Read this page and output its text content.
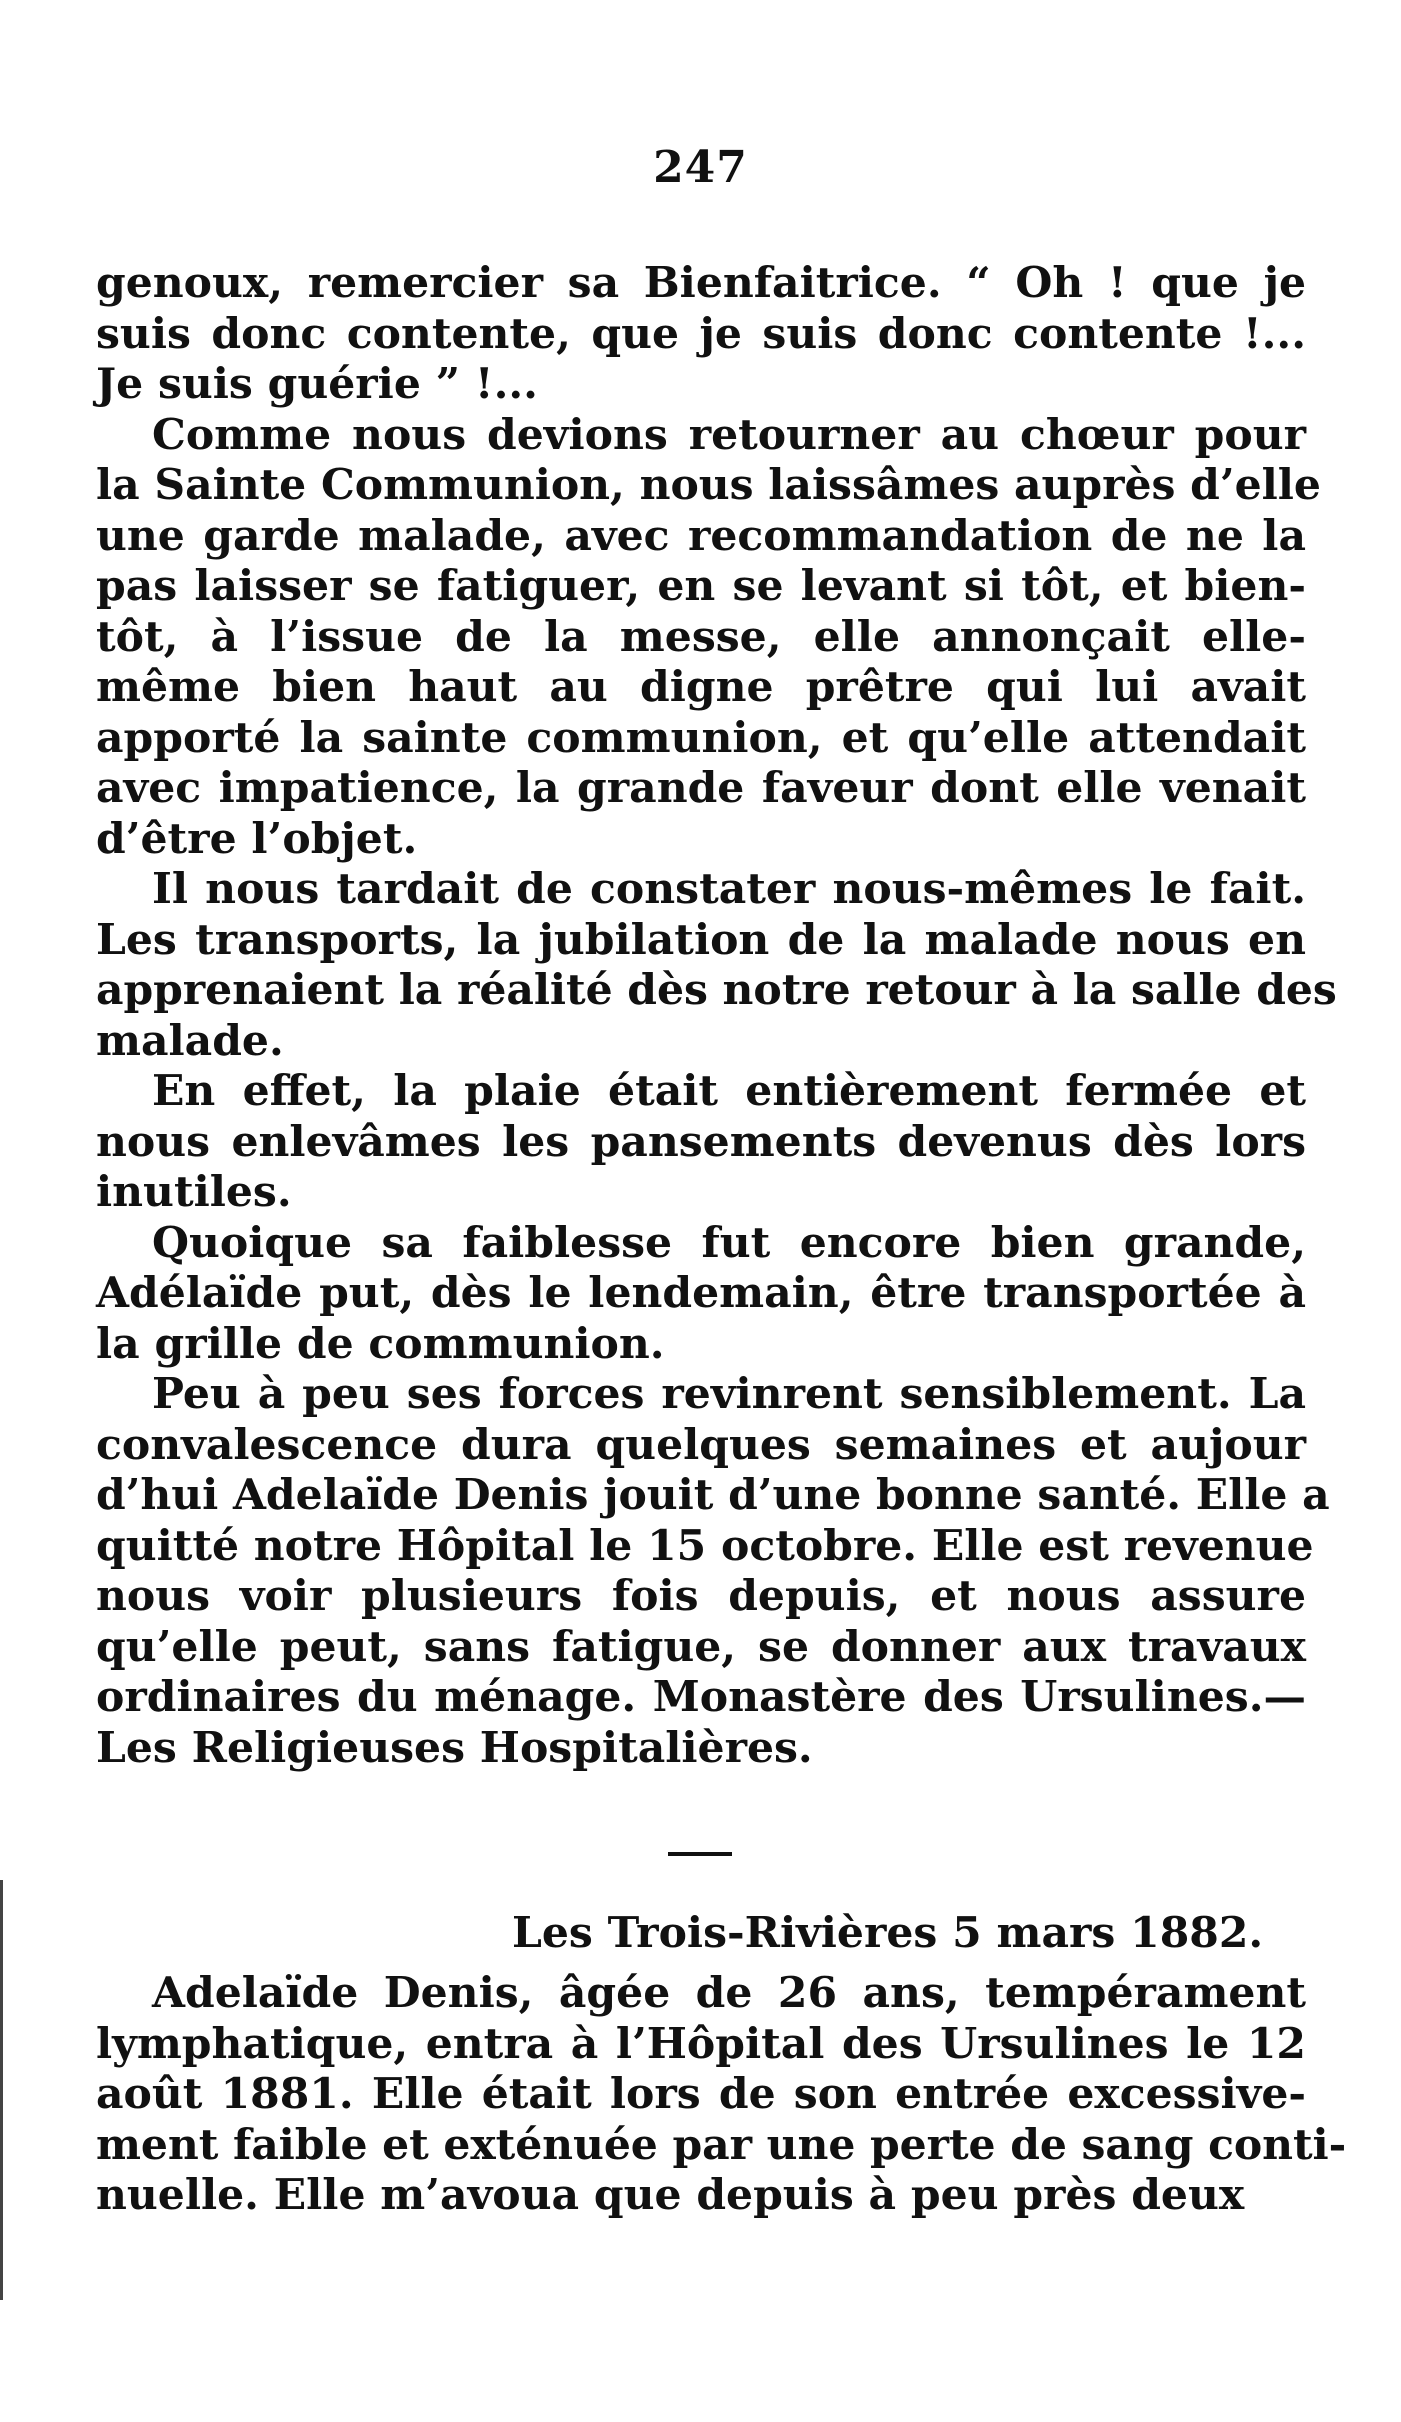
247
genoux, remercier sa Bienfaitrice. “ Oh ! que je
suis donc contente, que je suis donc contente !...
Je suis guérie ” !...
Comme nous devions retourner au chœur pour
la Sainte Communion, nous laissâmes auprès d’elle
une garde malade, avec recommandation de ne la
pas laisser se fatiguer, en se levant si tôt, et bien-
tôt, à l’issue de la messe, elle annonçait elle-
même bien haut au digne prêtre qui lui avait
apporté la sainte communion, et qu’elle attendait
avec impatience, la grande faveur dont elle venait
d’être l’objet.
Il nous tardait de constater nous-mêmes le fait.
Les transports, la jubilation de la malade nous en
apprenaient la réalité dès notre retour à la salle des
malade.
En effet, la plaie était entièrement fermée et
nous enlevâmes les pansements devenus dès lors
inutiles.
Quoique sa faiblesse fut encore bien grande,
Adélaïde put, dès le lendemain, être transportée à
la grille de communion.
Peu à peu ses forces revinrent sensiblement. La
convalescence dura quelques semaines et aujour
d’hui Adelaïde Denis jouit d’une bonne santé. Elle a
quitté notre Hôpital le 15 octobre. Elle est revenue
nous voir plusieurs fois depuis, et nous assure
qu’elle peut, sans fatigue, se donner aux travaux
ordinaires du ménage. Monastère des Ursulines.—
Les Religieuses Hospitalières.
Les Trois-Rivières 5 mars 1882.
Adelaïde Denis, âgée de 26 ans, tempérament
lymphatique, entra à l’Hôpital des Ursulines le 12
août 1881. Elle était lors de son entrée excessive-
ment faible et exténuée par une perte de sang conti-
nuelle. Elle m’avoua que depuis à peu près deux
